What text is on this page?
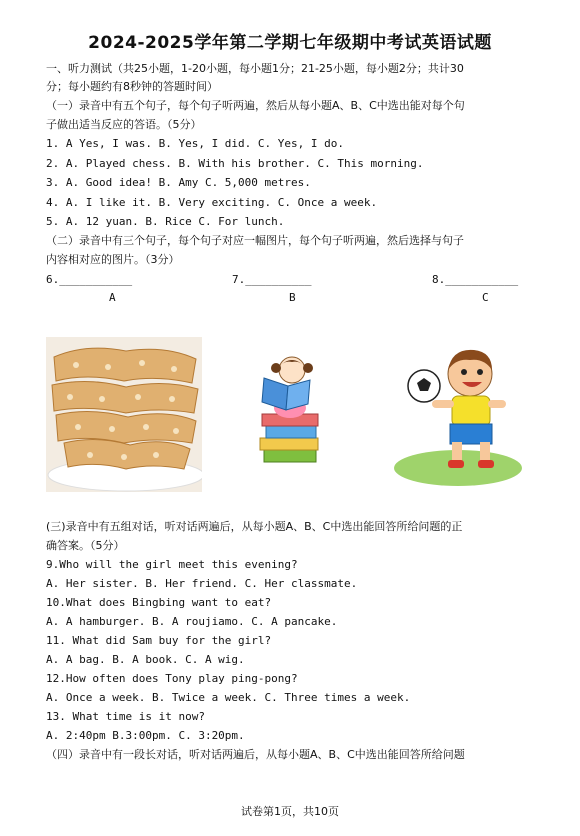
2024-2025学年第二学期七年级期中考试英语试题
一、听力测试（共25小题，1-20小题，每小题1分；21-25小题，每小题2分；共计30
分；每小题约有8秒钟的答题时间）
（一）录音中有五个句子，每个句子听两遍，然后从每小题A、B、C中选出能对每个句
子做出适当反应的答语。（5分）
1. A Yes, I was. B. Yes, I did. C. Yes, I do.
2. A. Played chess. B. With his brother. C. This morning.
3. A. Good idea! B. Amy C. 5,000 metres.
4. A. I like it. B. Very exciting. C. Once a week.
5. A. 12 yuan. B. Rice C. For lunch.
（二）录音中有三个句子，每个句子对应一幅图片，每个句子听两遍，然后选择与句子
内容相对应的图片。（3分）
6.___________	7.__________	8.___________
A	B	C
(三)录音中有五组对话，听对话两遍后，从每小题A、B、C中选出能回答所给问题的正
确答案。（5分）
9.Who will the girl meet this evening?
A. Her sister. B. Her friend. C. Her classmate.
10.What does Bingbing want to eat?
A. A hamburger. B. A roujiamo. C. A pancake.
11. What did Sam buy for the girl?
A. A bag. B. A book. C. A wig.
12.How often does Tony play ping-pong?
A. Once a week. B. Twice a week. C. Three times a week.
13. What time is it now?
A. 2:40pm B.3:00pm. C. 3:20pm.
（四）录音中有一段长对话，听对话两遍后，从每小题A、B、C中选出能回答所给问题
试卷第1页，共10页
